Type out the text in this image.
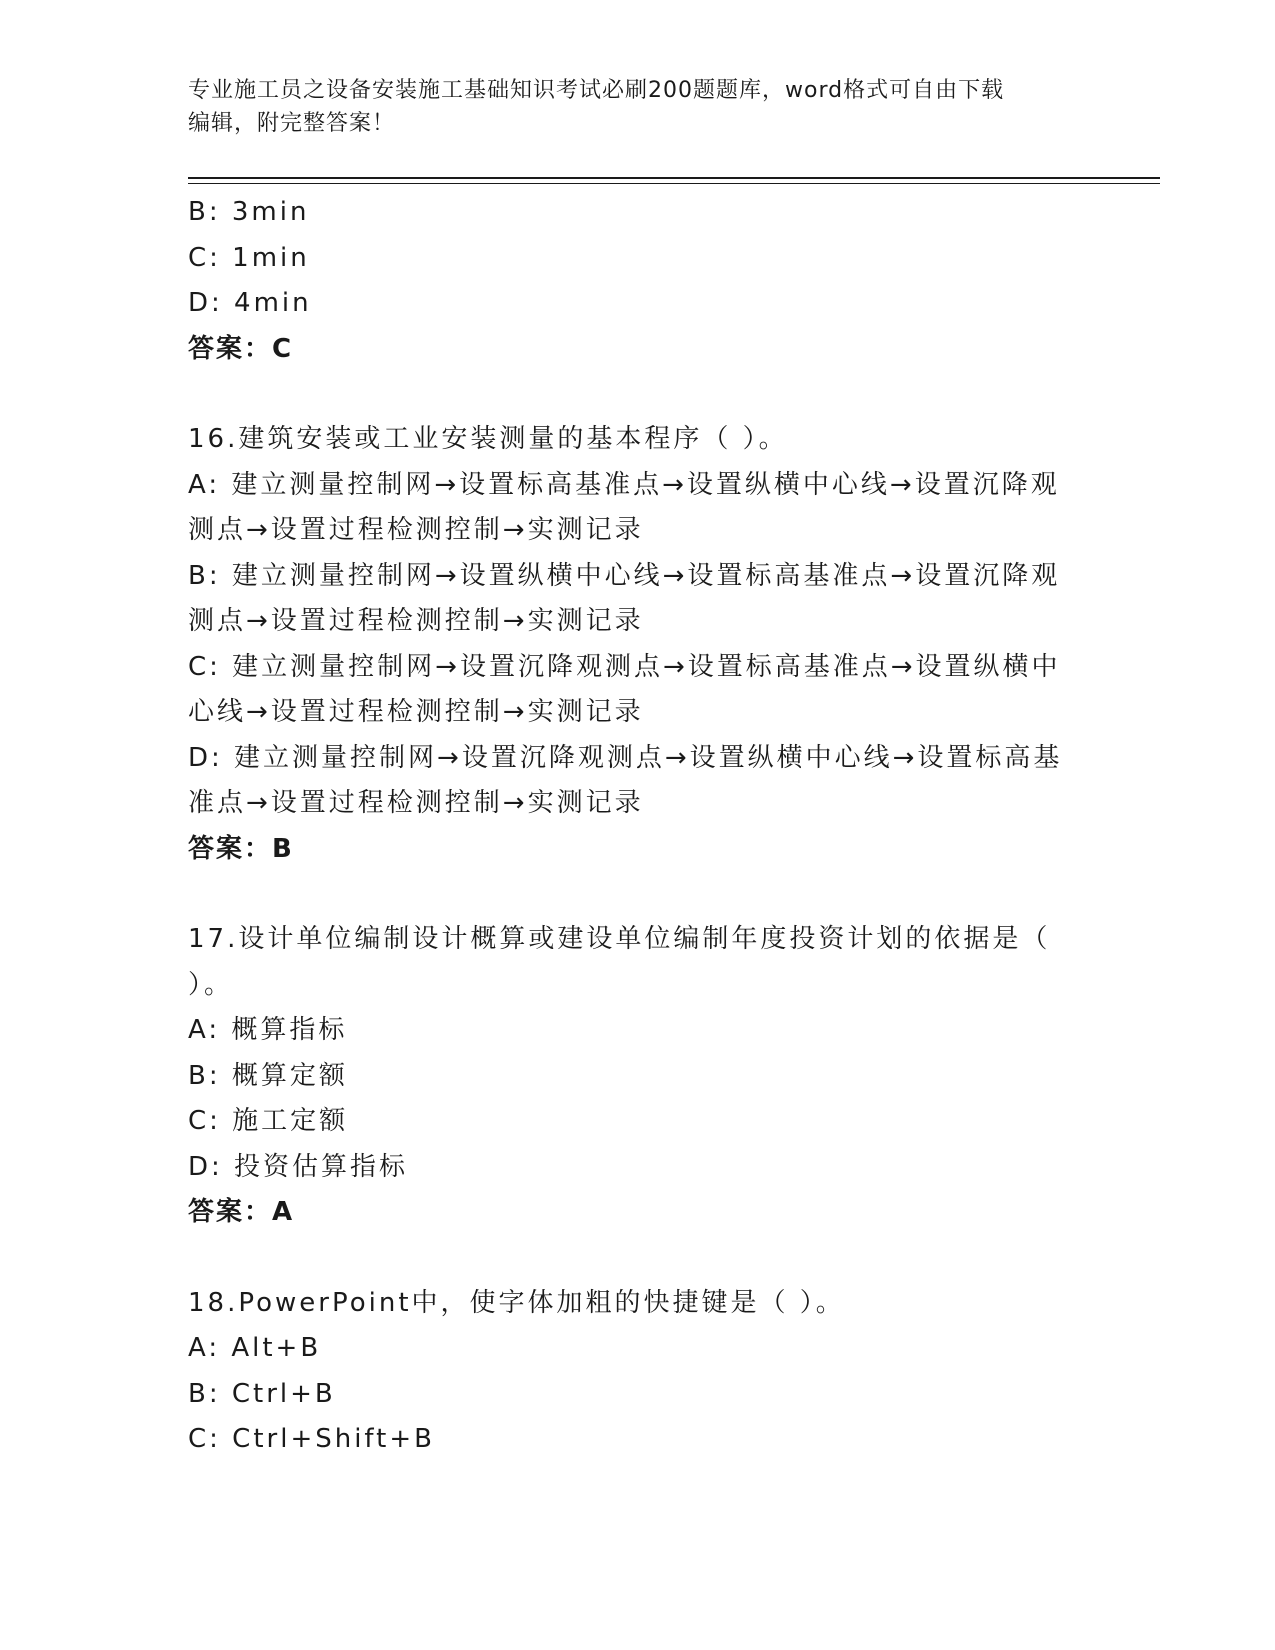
专业施工员之设备安装施工基础知识考试必刷200题题库，word格式可自由下载
编辑，附完整答案！
B: 3min
C: 1min
D: 4min
答案：C
16.建筑安装或工业安装测量的基本程序（ ）。
A: 建立测量控制网→设置标高基准点→设置纵横中心线→设置沉降观
测点→设置过程检测控制→实测记录
B: 建立测量控制网→设置纵横中心线→设置标高基准点→设置沉降观
测点→设置过程检测控制→实测记录
C: 建立测量控制网→设置沉降观测点→设置标高基准点→设置纵横中
心线→设置过程检测控制→实测记录
D: 建立测量控制网→设置沉降观测点→设置纵横中心线→设置标高基
准点→设置过程检测控制→实测记录
答案：B
17.设计单位编制设计概算或建设单位编制年度投资计划的依据是（
）。
A: 概算指标
B: 概算定额
C: 施工定额
D: 投资估算指标
答案：A
18.PowerPoint中，使字体加粗的快捷键是（ ）。
A: Alt+B
B: Ctrl+B
C: Ctrl+Shift+B
